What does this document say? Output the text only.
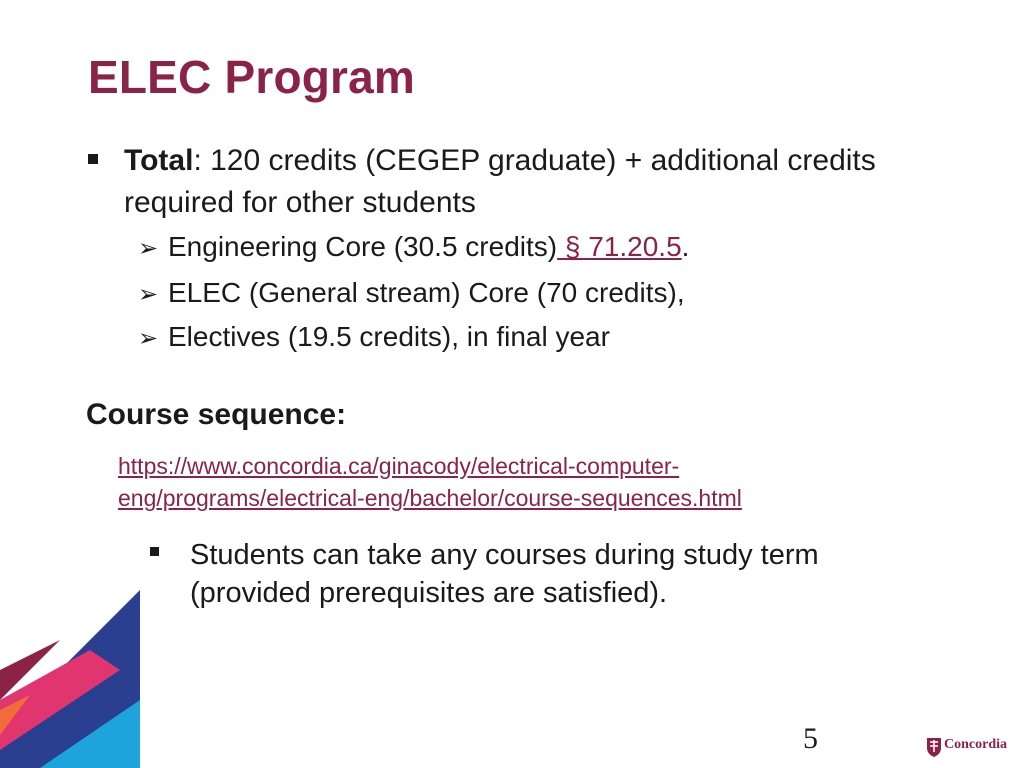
ELEC Program
Total: 120 credits (CEGEP graduate) + additional credits required for other students
➢ Engineering Core (30.5 credits) § 71.20.5.
➢ ELEC (General stream) Core (70 credits),
➢ Electives (19.5 credits), in final year
Course sequence:
https://www.concordia.ca/ginacody/electrical-computer-eng/programs/electrical-eng/bachelor/course-sequences.html
Students can take any courses during study term (provided prerequisites are satisfied).
5	Concordia
